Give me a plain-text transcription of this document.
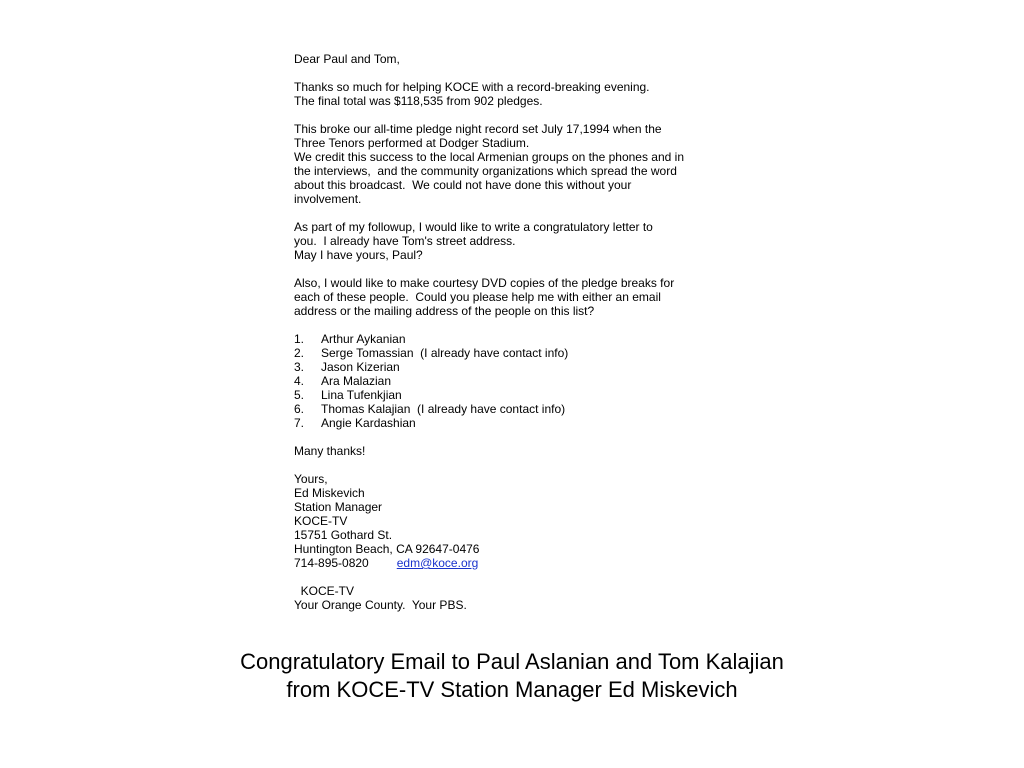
Dear Paul and Tom,

Thanks so much for helping KOCE with a record-breaking evening.
The final total was $118,535 from 902 pledges.

This broke our all-time pledge night record set July 17,1994 when the
Three Tenors performed at Dodger Stadium.
We credit this success to the local Armenian groups on the phones and in
the interviews,  and the community organizations which spread the word
about this broadcast.  We could not have done this without your
involvement.

As part of my followup, I would like to write a congratulatory letter to
you.  I already have Tom's street address.
May I have yours, Paul?

Also, I would like to make courtesy DVD copies of the pledge breaks for
each of these people.  Could you please help me with either an email
address or the mailing address of the people on this list?

1.	Arthur Aykanian
2.	Serge Tomassian  (I already have contact info)
3.	Jason Kizerian
4.	Ara Malazian
5.	Lina Tufenkjian
6.	Thomas Kalajian  (I already have contact info)
7.	Angie Kardashian

Many thanks!

Yours,
Ed Miskevich
Station Manager
KOCE-TV
15751 Gothard St.
Huntington Beach, CA 92647-0476
714-895-0820 edm@koce.org

KOCE-TV
Your Orange County.  Your PBS.

Congratulatory Email to Paul Aslanian and Tom Kalajian
from KOCE-TV Station Manager Ed Miskevich
